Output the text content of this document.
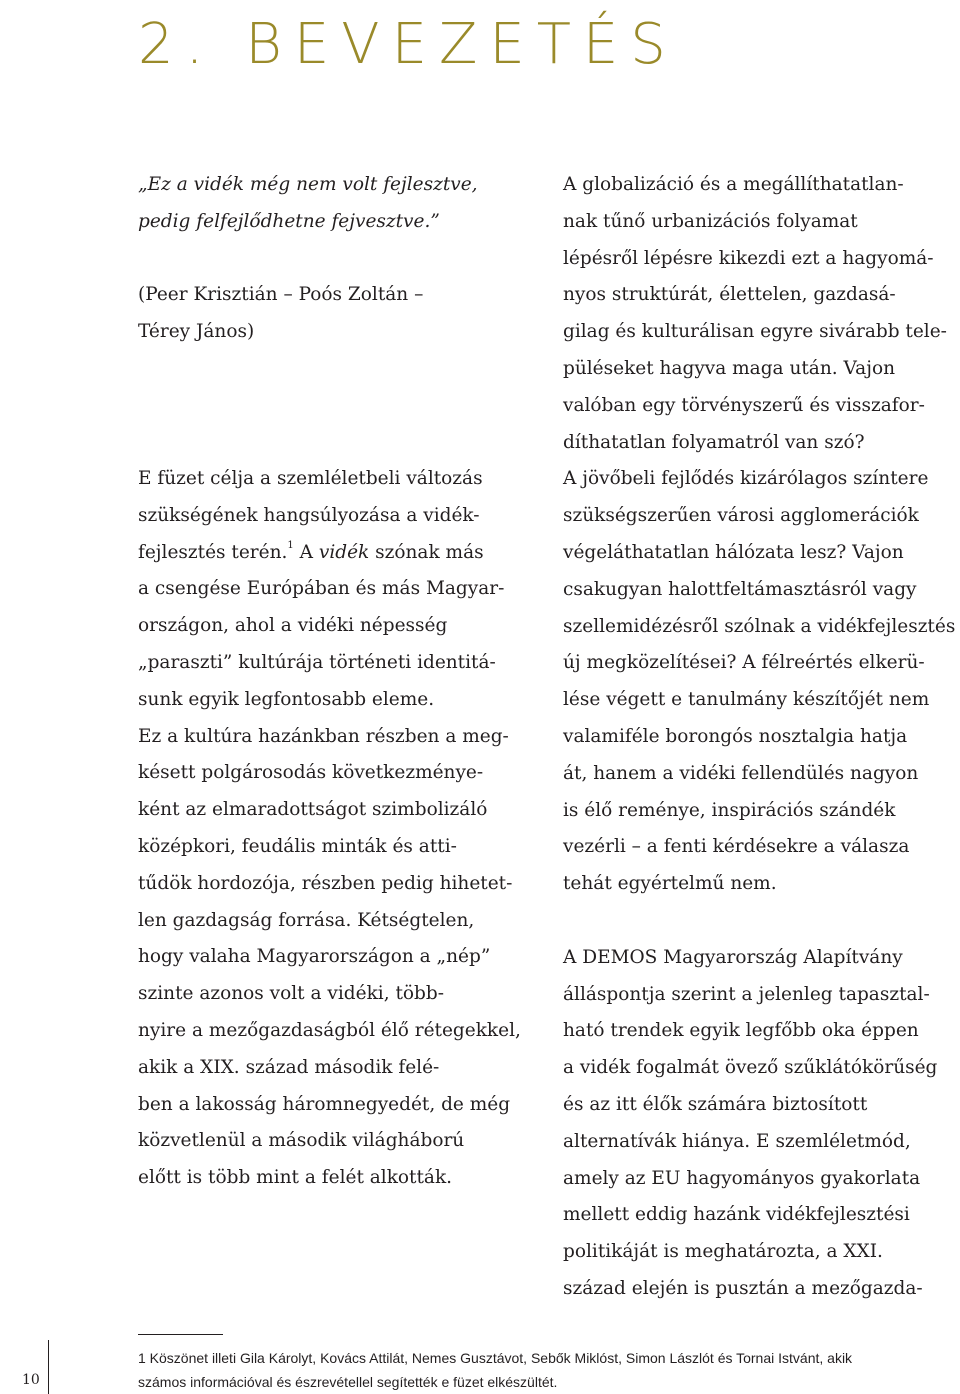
2. BEVEZETÉS

„Ez a vidék még nem volt fejlesztve,

pedig felfejlődhetne fejvesztve.”

(Peer Krisztián – Poós Zoltán –

Térey János)

E füzet célja a szemléletbeli változás

szükségének hangsúlyozása a vidék-

fejlesztés terén.$^1$ A vidék szónak más

a csengése Európában és más Magyar-

országon, ahol a vidéki népesség

„paraszti” kultúrája történeti identitá-

sunk egyik legfontosabb eleme.

Ez a kultúra hazánkban részben a meg-

késett polgárosodás következménye-

ként az elmaradottságot szimbolizáló

középkori, feudális minták és atti-

tűdök hordozója, részben pedig hihetet-

len gazdagság forrása. Kétségtelen,

hogy valaha Magyarországon a „nép”

szinte azonos volt a vidéki, több-

nyire a mezőgazdaságból élő rétegekkel,

akik a XIX. század második felé-

ben a lakosság háromnegyedét, de még

közvetlenül a második világháború

előtt is több mint a felét alkották.

A globalizáció és a megállíthatatlan-

nak tűnő urbanizációs folyamat

lépésről lépésre kikezdi ezt a hagyomá-

nyos struktúrát, élettelen, gazdasá-

gilag és kulturálisan egyre sivárabb tele-

püléseket hagyva maga után. Vajon

valóban egy törvényszerű és visszafor-

díthatatlan folyamatról van szó?

A jövőbeli fejlődés kizárólagos színtere

szükségszerűen városi agglomerációk

végeláthatatlan hálózata lesz? Vajon

csakugyan halottfeltámasztásról vagy

szellemidézésről szólnak a vidékfejlesztés

új megközelítései? A félreértés elkerü-

lése végett e tanulmány készítőjét nem

valamiféle borongós nosztalgia hatja

át, hanem a vidéki fellendülés nagyon

is élő reménye, inspirációs szándék

vezérli – a fenti kérdésekre a válasza

tehát egyértelmű nem.

A DEMOS Magyarország Alapítvány

álláspontja szerint a jelenleg tapasztal-

ható trendek egyik legfőbb oka éppen

a vidék fogalmát övező szűklátókörűség

és az itt élők számára biztosított

alternatívák hiánya. E szemléletmód,

amely az EU hagyományos gyakorlata

mellett eddig hazánk vidékfejlesztési

politikáját is meghatározta, a XXI.

század elején is pusztán a mezőgazda-

1 Köszönet illeti Gila Károlyt, Kovács Attilát, Nemes Gusztávot, Sebők Miklóst, Simon Lászlót és Tornai Istvánt, akik
számos információval és észrevétellel segítették e füzet elkészültét.
10
